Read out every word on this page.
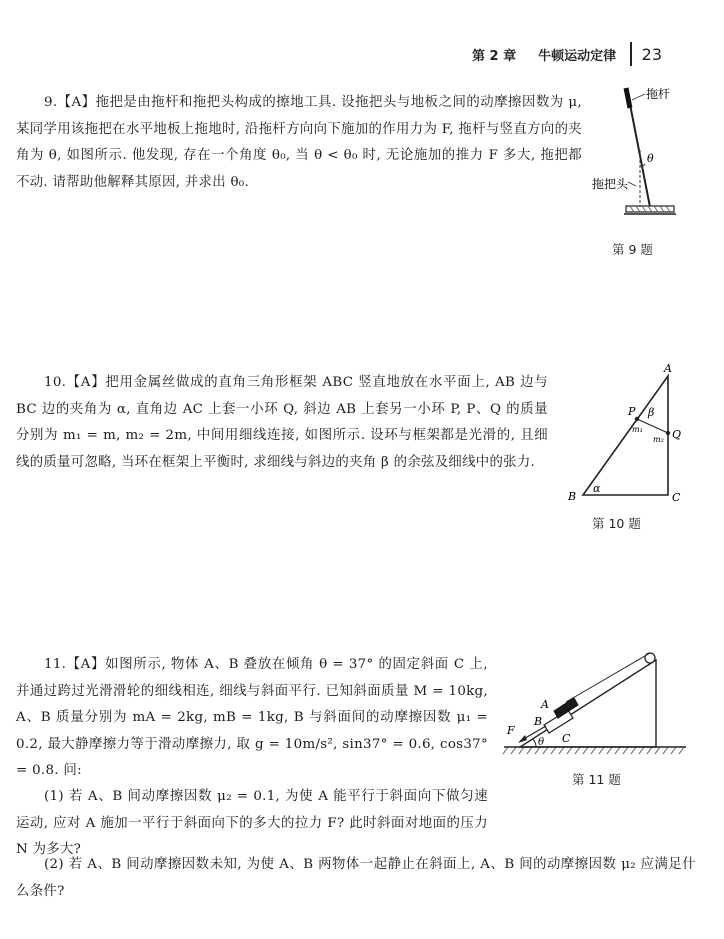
第 2 章 牛顿运动定律 23

9.【A】拖把是由拖杆和拖把头构成的擦地工具. 设拖把头与地板之间的动摩擦因数为 μ, 某同学用该拖把在水平地板上拖地时, 沿拖杆方向向下施加的作用力为 F, 拖杆与竖直方向的夹角为 θ, 如图所示. 他发现, 存在一个角度 θ₀, 当 θ < θ₀ 时, 无论施加的推力 F 多大, 拖把都不动. 请帮助他解释其原因, 并求出 θ₀.

θ
拖杆
拖把头
第 9 题

10.【A】把用金属丝做成的直角三角形框架 ABC 竖直地放在水平面上, AB 边与 BC 边的夹角为 α, 直角边 AC 上套一小环 Q, 斜边 AB 上套另一小环 P, P、Q 的质量分别为 m₁ = m, m₂ = 2m, 中间用细线连接, 如图所示. 设环与框架都是光滑的, 且细线的质量可忽略, 当环在框架上平衡时, 求细线与斜边的夹角 β 的余弦及细线中的张力.

A
B	C
P
Q
β
α
m₁
m₂
第 10 题

11.【A】如图所示, 物体 A、B 叠放在倾角 θ = 37° 的固定斜面 C 上, 并通过跨过光滑滑轮的细线相连, 细线与斜面平行. 已知斜面质量 M = 10kg, A、B 质量分别为 mA = 2kg, mB = 1kg, B 与斜面间的动摩擦因数 μ₁ = 0.2, 最大静摩擦力等于滑动摩擦力, 取 g = 10m/s², sin37° = 0.6, cos37° = 0.8. 问:

(1) 若 A、B 间动摩擦因数 μ₂ = 0.1, 为使 A 能平行于斜面向下做匀速运动, 应对 A 施加一平行于斜面向下的多大的拉力 F? 此时斜面对地面的压力 N 为多大?

(2) 若 A、B 间动摩擦因数未知, 为使 A、B 两物体一起静止在斜面上, A、B 间的动摩擦因数 μ₂ 应满足什么条件?

A
B
C
F
θ
第 11 题
